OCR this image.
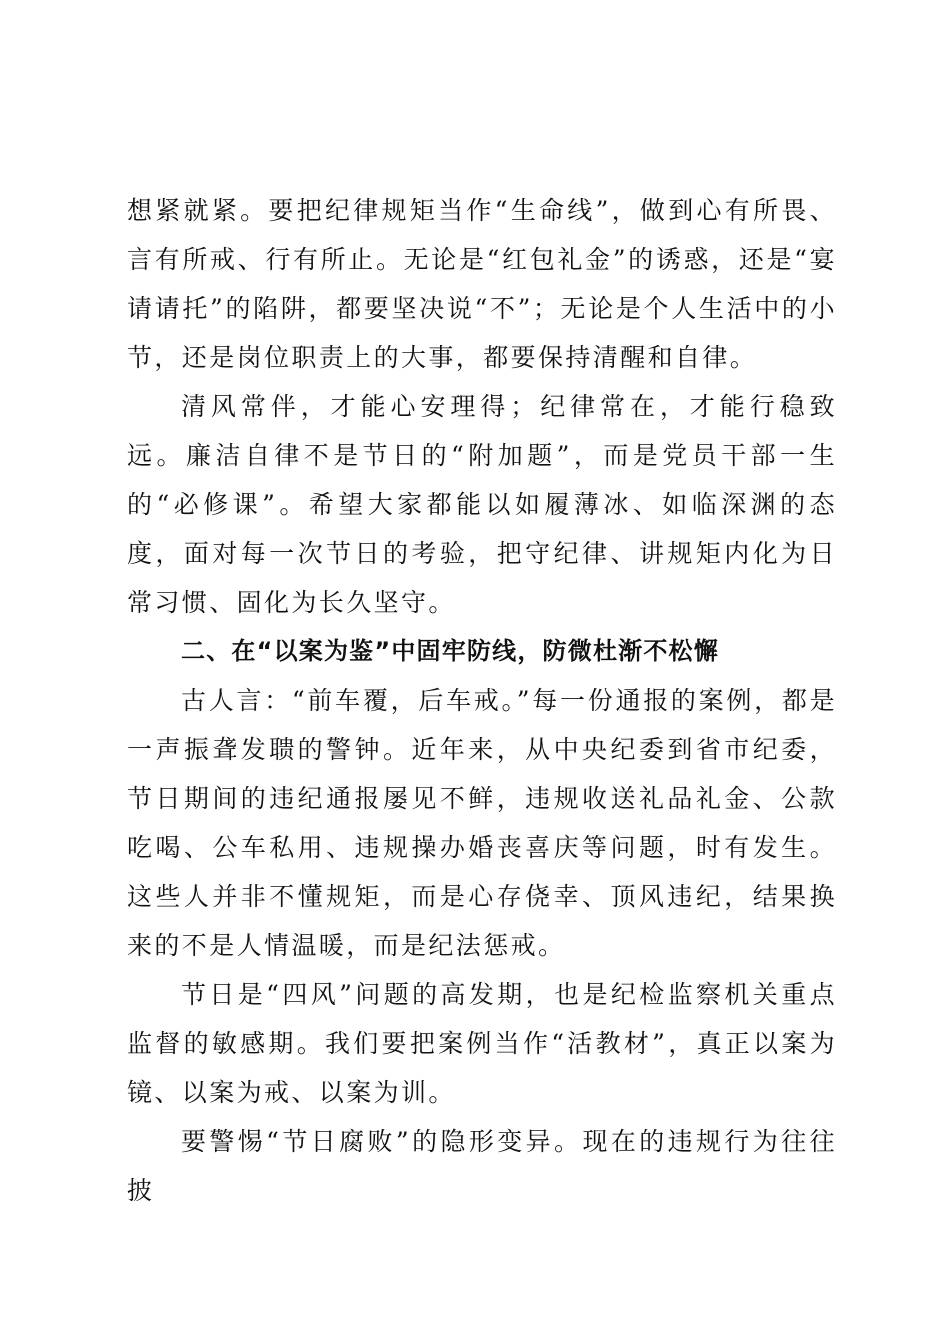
想紧就紧。要把纪律规矩当作“生命线”，做到心有所畏、言有所戒、行有所止。无论是“红包礼金”的诱惑，还是“宴请请托”的陷阱，都要坚决说“不”；无论是个人生活中的小节，还是岗位职责上的大事，都要保持清醒和自律。

清风常伴，才能心安理得；纪律常在，才能行稳致远。廉洁自律不是节日的“附加题”，而是党员干部一生的“必修课”。希望大家都能以如履薄冰、如临深渊的态度，面对每一次节日的考验，把守纪律、讲规矩内化为日常习惯、固化为长久坚守。

二、在“以案为鉴”中固牢防线，防微杜渐不松懈

古人言：“前车覆，后车戒。”每一份通报的案例，都是一声振聋发聩的警钟。近年来，从中央纪委到省市纪委，节日期间的违纪通报屡见不鲜，违规收送礼品礼金、公款吃喝、公车私用、违规操办婚丧喜庆等问题，时有发生。这些人并非不懂规矩，而是心存侥幸、顶风违纪，结果换来的不是人情温暖，而是纪法惩戒。

节日是“四风”问题的高发期，也是纪检监察机关重点监督的敏感期。我们要把案例当作“活教材”，真正以案为镜、以案为戒、以案为训。

要警惕“节日腐败”的隐形变异。现在的违规行为往往披
